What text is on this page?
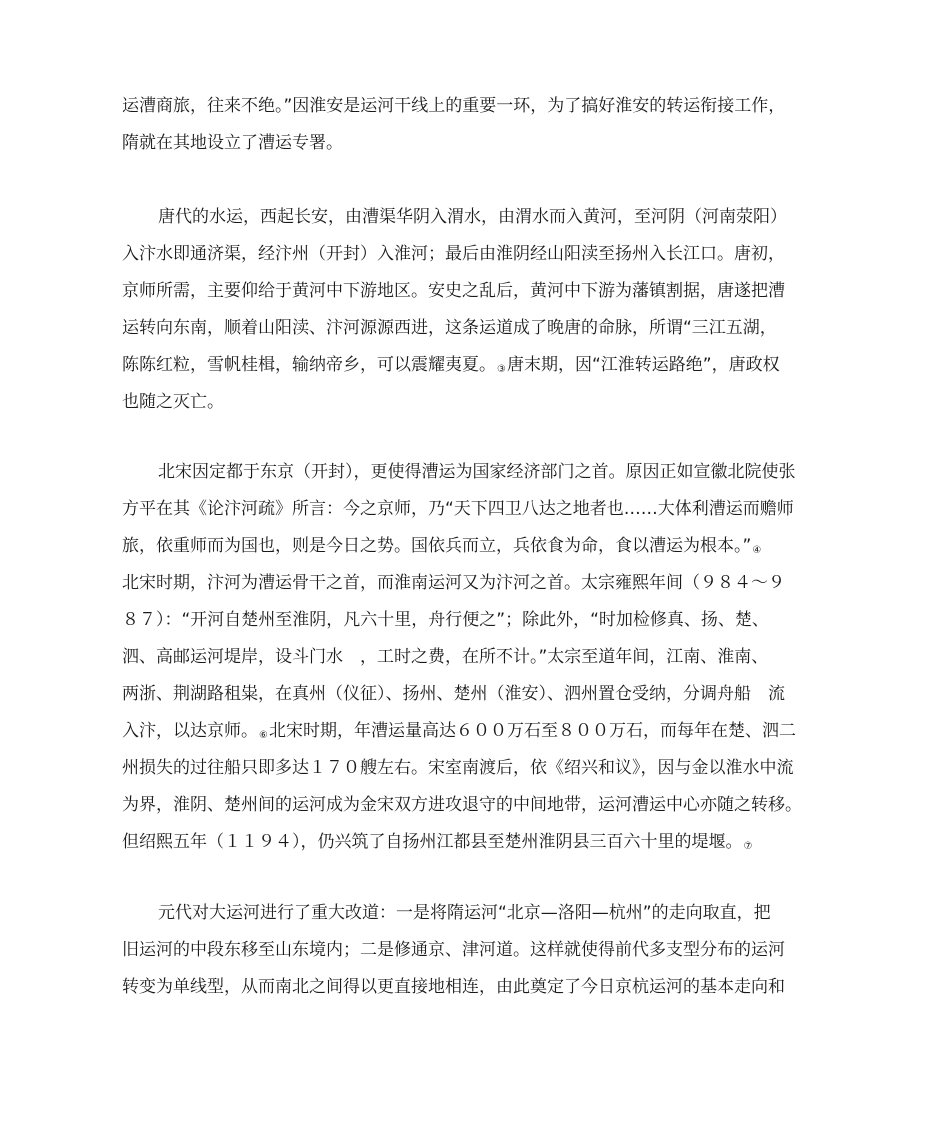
运漕商旅，往来不绝。”因淮安是运河干线上的重要一环，为了搞好淮安的转运衔接工作，
隋就在其地设立了漕运专署。
唐代的水运，西起长安，由漕渠华阴入渭水，由渭水而入黄河，至河阴（河南荥阳）
入汴水即通济渠，经汴州（开封）入淮河；最后由淮阴经山阳渎至扬州入长江口。唐初，
京师所需，主要仰给于黄河中下游地区。安史之乱后，黄河中下游为藩镇割据，唐遂把漕
运转向东南，顺着山阳渎、汴河源源西进，这条运道成了晚唐的命脉，所谓“三江五湖，
陈陈红粒，雪帆桂楫，输纳帝乡，可以震耀夷夏。③唐末期，因“江淮转运路绝”，唐政权
也随之灭亡。
北宋因定都于东京（开封），更使得漕运为国家经济部门之首。原因正如宣徽北院使张
方平在其《论汴河疏》所言：今之京师，乃“天下四卫八达之地者也……大体利漕运而赡师
旅，依重师而为国也，则是今日之势。国依兵而立，兵依食为命，食以漕运为根本。”④
北宋时期，汴河为漕运骨干之首，而淮南运河又为汴河之首。太宗雍熙年间（９８４～９
８７）：“开河自楚州至淮阴，凡六十里，舟行便之”；除此外，“时加检修真、扬、楚、
泗、高邮运河堤岸，设斗门水　，工时之费，在所不计。”太宗至道年间，江南、淮南、
两浙、荆湖路租粜，在真州（仪征）、扬州、楚州（淮安）、泗州置仓受纳，分调舟船　流
入汴，以达京师。⑥北宋时期，年漕运量高达６００万石至８００万石，而每年在楚、泗二
州损失的过往船只即多达１７０艘左右。宋室南渡后，依《绍兴和议》，因与金以淮水中流
为界，淮阴、楚州间的运河成为金宋双方进攻退守的中间地带，运河漕运中心亦随之转移。
但绍熙五年（１１９４），仍兴筑了自扬州江都县至楚州淮阴县三百六十里的堤堰。⑦
元代对大运河进行了重大改道：一是将隋运河“北京—洛阳—杭州”的走向取直，把
旧运河的中段东移至山东境内；二是修通京、津河道。这样就使得前代多支型分布的运河
转变为单线型，从而南北之间得以更直接地相连，由此奠定了今日京杭运河的基本走向和
